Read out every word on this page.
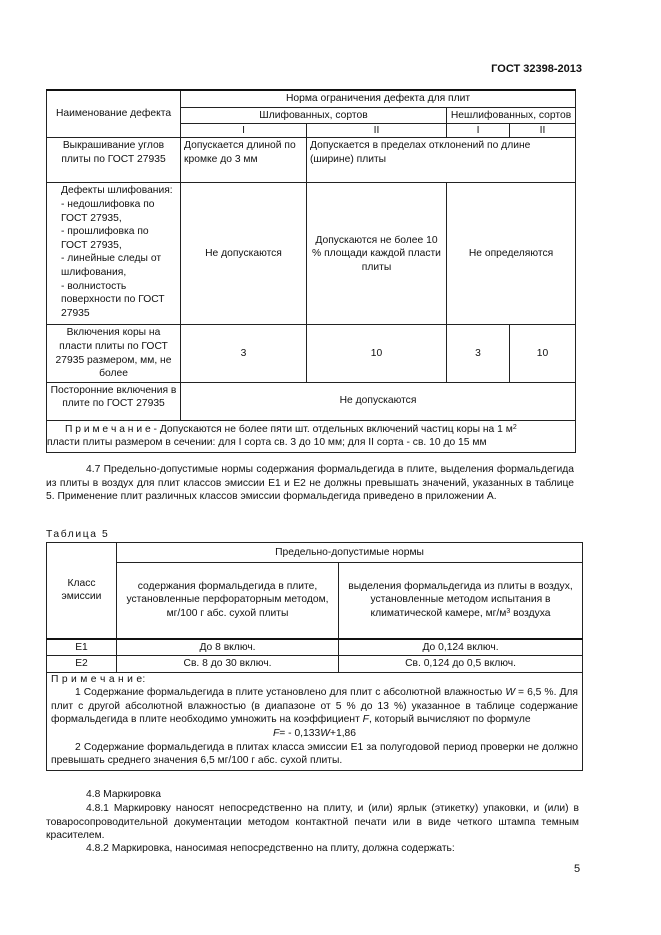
ГОСТ 32398-2013
Наименование дефекта	Норма ограничения дефекта для плит			
	Шлифованных, сортов		Нешлифованных, сортов	
	I	II	I	II
Выкрашивание углов плиты по ГОСТ 27935	Допускается длиной по кромке до 3 мм	Допускается в пределах отклонений по длине (ширине) плиты		

Дефекты шлифования:
- недошлифовка по ГОСТ 27935,
- прошлифовка по ГОСТ 27935,
- линейные следы от шлифования,
- волнистость поверхности по ГОСТ 27935	Не допускаются	Допускаются не более 10 % площади каждой пласти плиты	Не определяются	
Включения коры на пласти плиты по ГОСТ 27935 размером, мм, не более	3	10	3	10
Посторонние включения в плите по ГОСТ 27935	Не допускаются			
П р и м е ч а н и е - Допускаются не более пяти шт. отдельных включений частиц коры на 1 $м^2$
пласти плиты размером в сечении: для I сорта св. 3 до 10 мм; для II сорта - св. 10 до 15 мм				
4.7 Предельно-допустимые нормы содержания формальдегида в плите, выделения формальдегида из плиты в воздух для плит классов эмиссии Е1 и Е2 не должны превышать значений, указанных в таблице 5. Применение плит различных классов эмиссии формальдегида приведено в приложении А.
Таблица 5
Класс эмиссии	Предельно-допустимые нормы	
	содержания формальдегида в плите, установленные перфораторным методом, мг/100 г абс. сухой плиты	выделения формальдегида из плиты в воздух, установленные методом испытания в климатической камере, $мг/м^3$ воздуха
Е1	До 8 включ.	До 0,124 включ.
Е2	Св. 8 до 30 включ.	Св. 0,124 до 0,5 включ.

П р и м е ч а н и е:
1 Содержание формальдегида в плите установлено для плит с абсолютной влажностью W = 6,5 %. Для плит с другой абсолютной влажностью (в диапазоне от 5 % до 13 %) указанное в таблице содержание формальдегида в плите необходимо умножить на коэффициент F, который вычисляют по формуле
F= - 0,133W+1,86
2 Содержание формальдегида в плитах класса эмиссии Е1 за полугодовой период проверки не должно превышать среднего значения 6,5 мг/100 г абс. сухой плиты.		
4.8 Маркировка
4.8.1 Маркировку наносят непосредственно на плиту, и (или) ярлык (этикетку) упаковки, и (или) в товаросопроводительной документации методом контактной печати или в виде четкого штампа темным красителем.
4.8.2 Маркировка, наносимая непосредственно на плиту, должна содержать:
5
